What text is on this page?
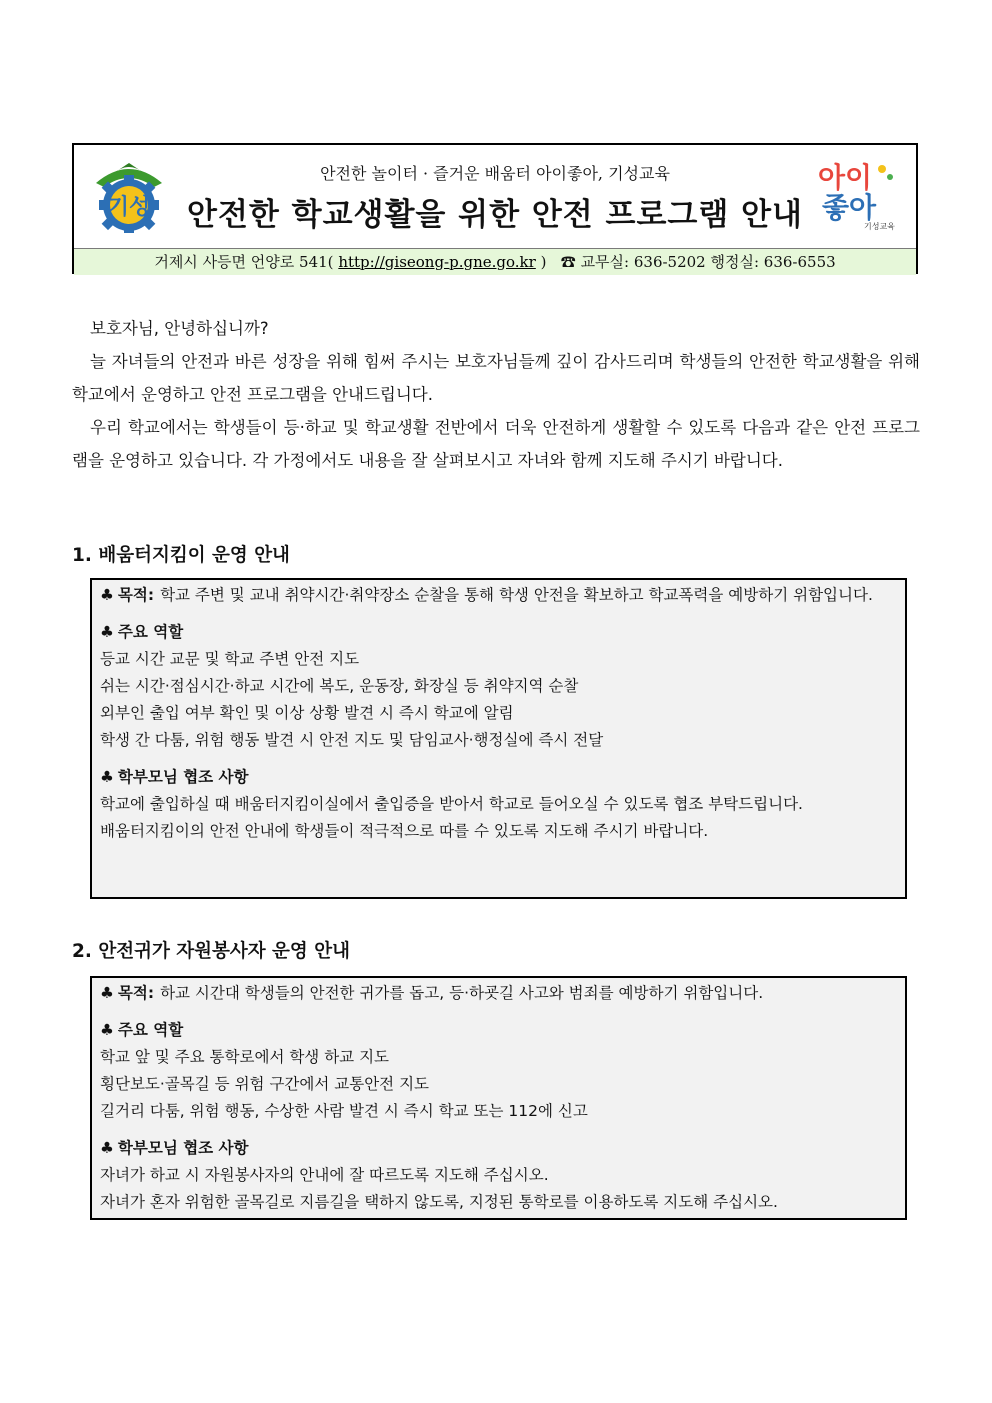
기성
안전한 놀이터 · 즐거운 배움터 아이좋아, 기성교육
안전한 학교생활을 위한 안전 프로그램 안내
아이
좋아
기성교육
거제시 사등면 언양로 541( http://giseong-p.gne.go.kr ) ☎ 교무실: 636-5202 행정실: 636-6553

보호자님, 안녕하십니까?

늘 자녀들의 안전과 바른 성장을 위해 힘써 주시는 보호자님들께 깊이 감사드리며 학생들의 안전한 학교생활을 위해 학교에서 운영하고 안전 프로그램을 안내드립니다.

우리 학교에서는 학생들이 등·하교 및 학교생활 전반에서 더욱 안전하게 생활할 수 있도록 다음과 같은 안전 프로그램을 운영하고 있습니다. 각 가정에서도 내용을 잘 살펴보시고 자녀와 함께 지도해 주시기 바랍니다.

1. 배움터지킴이 운영 안내
♣ 목적: 학교 주변 및 교내 취약시간·취약장소 순찰을 통해 학생 안전을 확보하고 학교폭력을 예방하기 위함입니다.
♣ 주요 역할
등교 시간 교문 및 학교 주변 안전 지도
쉬는 시간·점심시간·하교 시간에 복도, 운동장, 화장실 등 취약지역 순찰
외부인 출입 여부 확인 및 이상 상황 발견 시 즉시 학교에 알림
학생 간 다툼, 위험 행동 발견 시 안전 지도 및 담임교사·행정실에 즉시 전달
♣ 학부모님 협조 사항
학교에 출입하실 때 배움터지킴이실에서 출입증을 받아서 학교로 들어오실 수 있도록 협조 부탁드립니다.
배움터지킴이의 안전 안내에 학생들이 적극적으로 따를 수 있도록 지도해 주시기 바랍니다.
2. 안전귀가 자원봉사자 운영 안내
♣ 목적: 하교 시간대 학생들의 안전한 귀가를 돕고, 등·하굣길 사고와 범죄를 예방하기 위함입니다.
♣ 주요 역할
학교 앞 및 주요 통학로에서 학생 하교 지도
횡단보도·골목길 등 위험 구간에서 교통안전 지도
길거리 다툼, 위험 행동, 수상한 사람 발견 시 즉시 학교 또는 112에 신고
♣ 학부모님 협조 사항
자녀가 하교 시 자원봉사자의 안내에 잘 따르도록 지도해 주십시오.
자녀가 혼자 위험한 골목길로 지름길을 택하지 않도록, 지정된 통학로를 이용하도록 지도해 주십시오.
